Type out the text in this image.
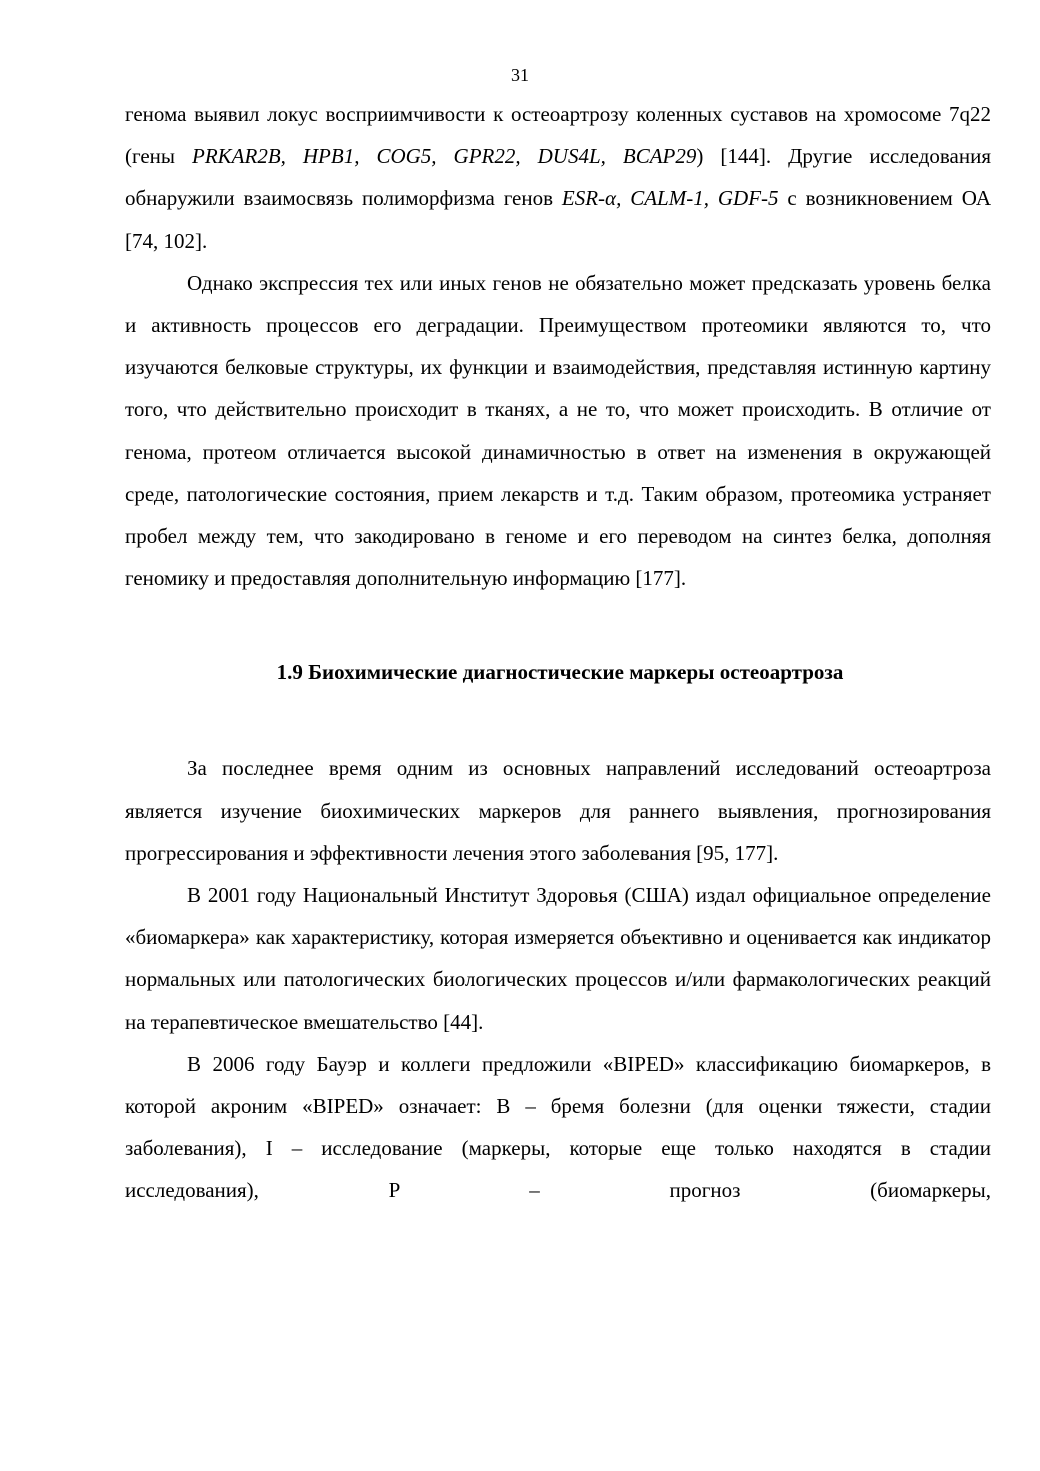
31

генома выявил локус восприимчивости к остеоартрозу коленных суставов на хромосоме 7q22 (гены PRKAR2B, HPB1, COG5, GPR22, DUS4L, BCAP29) [144]. Другие исследования обнаружили взаимосвязь полиморфизма генов ESR-α, CALM-1, GDF-5 с возникновением ОА [74, 102].

Однако экспрессия тех или иных генов не обязательно может предсказать уровень белка и активность процессов его деградации. Преимуществом протеомики являются то, что изучаются белковые структуры, их функции и взаимодействия, представляя истинную картину того, что действительно происходит в тканях, а не то, что может происходить. В отличие от генома, протеом отличается высокой динамичностью в ответ на изменения в окружающей среде, патологические состояния, прием лекарств и т.д. Таким образом, протеомика устраняет пробел между тем, что закодировано в геноме и его переводом на синтез белка, дополняя геномику и предоставляя дополнительную информацию [177].

1.9 Биохимические диагностические маркеры остеоартроза

За последнее время одним из основных направлений исследований остеоартроза является изучение биохимических маркеров для раннего выявления, прогнозирования прогрессирования и эффективности лечения этого заболевания [95, 177].

В 2001 году Национальный Институт Здоровья (США) издал официальное определение «биомаркера» как характеристику, которая измеряется объективно и оценивается как индикатор нормальных или патологических биологических процессов и/или фармакологических реакций на терапевтическое вмешательство [44].

В 2006 году Бауэр и коллеги предложили «BIPED» классификацию биомаркеров, в которой акроним «BIPED» означает: B – бремя болезни (для оценки тяжести, стадии заболевания), I – исследование (маркеры, которые еще только находятся в стадии исследования), P – прогноз (биомаркеры,
